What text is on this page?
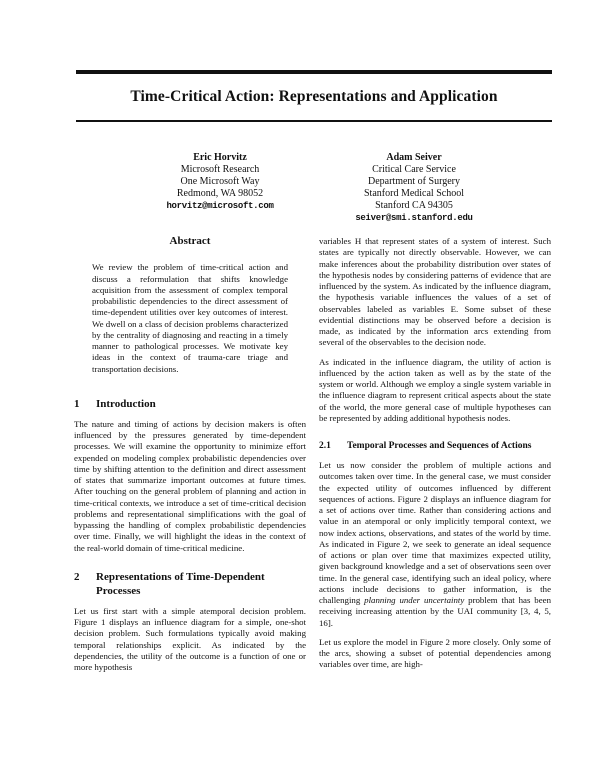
Time-Critical Action: Representations and Application
Eric Horvitz
Microsoft Research
One Microsoft Way
Redmond, WA 98052
horvitz@microsoft.com
Adam Seiver
Critical Care Service
Department of Surgery
Stanford Medical School
Stanford CA 94305
seiver@smi.stanford.edu
Abstract
We review the problem of time-critical action and discuss a reformulation that shifts knowledge acquisition from the assessment of complex temporal probabilistic dependencies to the direct assessment of time-dependent utilities over key outcomes of interest. We dwell on a class of decision problems characterized by the centrality of diagnosing and reacting in a timely manner to pathological processes. We motivate key ideas in the context of trauma-care triage and transportation decisions.
1	Introduction

The nature and timing of actions by decision makers is often influenced by the pressures generated by time-dependent processes. We will examine the opportunity to minimize effort expended on modeling complex probabilistic dependencies over time by shifting attention to the definition and direct assessment of states that summarize important outcomes at future times. After touching on the general problem of planning and action in time-critical contexts, we introduce a set of time-critical decision problems and representational simplifications with the goal of bypassing the handling of complex probabilistic dependencies over time. Finally, we will highlight the ideas in the context of the real-world domain of time-critical medicine.

2	Representations of Time-Dependent Processes

Let us first start with a simple atemporal decision problem. Figure 1 displays an influence diagram for a simple, one-shot decision problem. Such formulations typically avoid making temporal relationships explicit. As indicated by the dependencies, the utility of the outcome is a function of one or more hypothesis

variables H that represent states of a system of interest. Such states are typically not directly observable. However, we can make inferences about the probability distribution over states of the hypothesis nodes by considering patterns of evidence that are influenced by the system. As indicated by the influence diagram, the hypothesis variable influences the values of a set of observables labeled as variables E. Some subset of these evidential distinctions may be observed before a decision is made, as indicated by the information arcs extending from several of the observables to the decision node.

As indicated in the influence diagram, the utility of action is influenced by the action taken as well as by the state of the system or world. Although we employ a single system variable in the influence diagram to represent critical aspects about the state of the world, the more general case of multiple hypotheses can be represented by adding additional hypothesis nodes.

2.1	Temporal Processes and Sequences of Actions

Let us now consider the problem of multiple actions and outcomes taken over time. In the general case, we must consider the expected utility of outcomes influenced by different sequences of actions. Figure 2 displays an influence diagram for a set of actions over time. Rather than considering actions and value in an atemporal or only implicitly temporal context, we now index actions, observations, and states of the world by time. As indicated in Figure 2, we seek to generate an ideal sequence of actions or plan over time that maximizes expected utility, given background knowledge and a set of observations seen over time. In the general case, identifying such an ideal policy, where actions include decisions to gather information, is the challenging planning under uncertainty problem that has been receiving increasing attention by the UAI community [3, 4, 5, 16].

Let us explore the model in Figure 2 more closely. Only some of the arcs, showing a subset of potential dependencies among variables over time, are high-
